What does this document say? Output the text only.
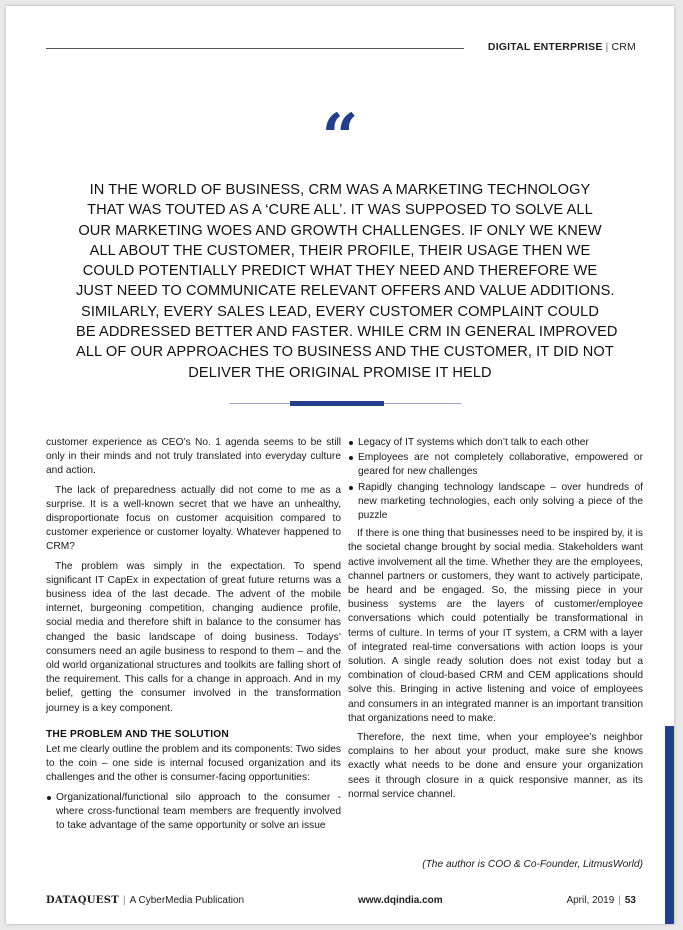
DIGITAL ENTERPRISE | CRM
“
IN THE WORLD OF BUSINESS, CRM WAS A MARKETING TECHNOLOGY
THAT WAS TOUTED AS A ‘CURE ALL’. IT WAS SUPPOSED TO SOLVE ALL
OUR MARKETING WOES AND GROWTH CHALLENGES. IF ONLY WE KNEW
ALL ABOUT THE CUSTOMER, THEIR PROFILE, THEIR USAGE THEN WE
COULD POTENTIALLY PREDICT WHAT THEY NEED AND THEREFORE WE
JUST NEED TO COMMUNICATE RELEVANT OFFERS AND VALUE ADDITIONS.
SIMILARLY, EVERY SALES LEAD, EVERY CUSTOMER COMPLAINT COULD
BE ADDRESSED BETTER AND FASTER. WHILE CRM IN GENERAL IMPROVED
ALL OF OUR APPROACHES TO BUSINESS AND THE CUSTOMER, IT DID NOT
DELIVER THE ORIGINAL PROMISE IT HELD

customer experience as CEO’s No. 1 agenda seems to be still only in their minds and not truly translated into everyday culture and action.

The lack of preparedness actually did not come to me as a surprise. It is a well-known secret that we have an unhealthy, disproportionate focus on customer acquisition compared to customer experience or customer loyalty. Whatever happened to CRM?

The problem was simply in the expectation. To spend significant IT CapEx in expectation of great future returns was a business idea of the last decade. The advent of the mobile internet, burgeoning competition, changing audience profile, social media and therefore shift in balance to the consumer has changed the basic landscape of doing business. Todays’ consumers need an agile business to respond to them – and the old world organizational structures and toolkits are falling short of the requirement. This calls for a change in approach. And in my belief, getting the consumer involved in the transformation journey is a key component.

THE PROBLEM AND THE SOLUTION

Let me clearly outline the problem and its components: Two sides to the coin – one side is internal focused organization and its challenges and the other is consumer-facing opportunities:

Organizational/functional silo approach to the consumer - where cross-functional team members are frequently involved to take advantage of the same opportunity or solve an issue
Legacy of IT systems which don’t talk to each other
Employees are not completely collaborative, empowered or geared for new challenges
Rapidly changing technology landscape – over hundreds of new marketing technologies, each only solving a piece of the puzzle

If there is one thing that businesses need to be inspired by, it is the societal change brought by social media. Stakeholders want active involvement all the time. Whether they are the employees, channel partners or customers, they want to actively participate, be heard and be engaged. So, the missing piece in your business systems are the layers of customer/employee conversations which could potentially be transformational in terms of culture. In terms of your IT system, a CRM with a layer of integrated real-time conversations with action loops is your solution. A single ready solution does not exist today but a combination of cloud-based CRM and CEM applications should solve this. Bringing in active listening and voice of employees and consumers in an integrated manner is an important transition that organizations need to make.

Therefore, the next time, when your employee’s neighbor complains to her about your product, make sure she knows exactly what needs to be done and ensure your organization sees it through closure in a quick responsive manner, as its normal service channel.

(The author is COO & Co-Founder, LitmusWorld)
DATAQUEST | A CyberMedia Publication	www.dqindia.com	April, 2019 | 53
